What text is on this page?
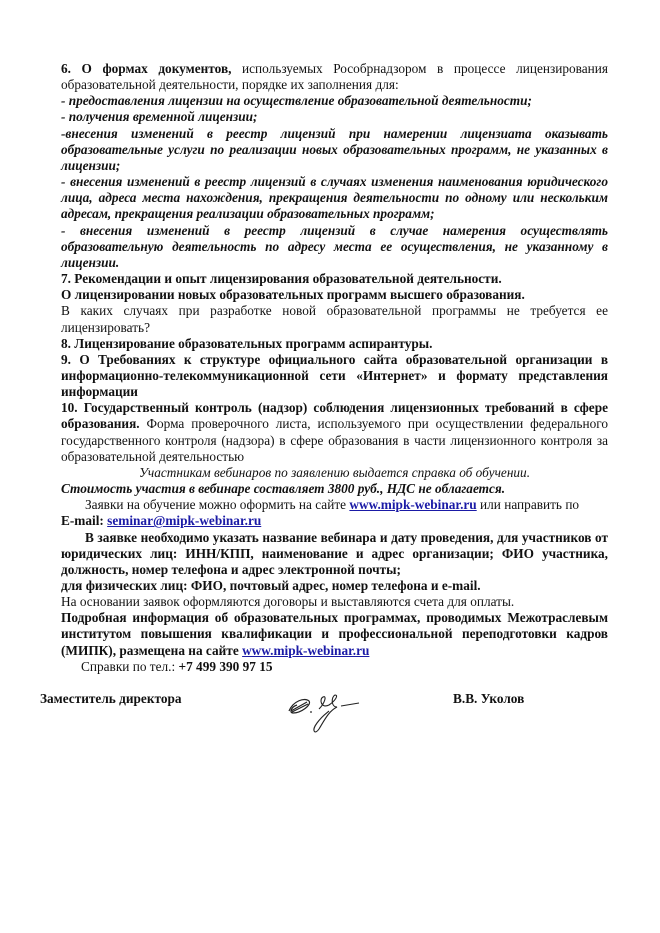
6. О формах документов, используемых Рособрнадзором в процессе лицензирования образовательной деятельности, порядке их заполнения для:

- предоставления лицензии на осуществление образовательной деятельности;

- получения временной лицензии;

-внесения изменений в реестр лицензий при намерении лицензиата оказывать образовательные услуги по реализации новых образовательных программ, не указанных в лицензии;

- внесения изменений в реестр лицензий в случаях изменения наименования юридического лица, адреса места нахождения, прекращения деятельности по одному или нескольким адресам, прекращения реализации образовательных программ;

- внесения изменений в реестр лицензий в случае намерения осуществлять образовательную деятельность по адресу места ее осуществления, не указанному в лицензии.

7. Рекомендации и опыт лицензирования образовательной деятельности.

О лицензировании новых образовательных программ высшего образования.

В каких случаях при разработке новой образовательной программы не требуется ее лицензировать?

8. Лицензирование образовательных программ аспирантуры.

9. О Требованиях к структуре официального сайта образовательной организации в информационно-телекоммуникационной сети «Интернет» и формату представления информации

10. Государственный контроль (надзор) соблюдения лицензионных требований в сфере образования. Форма проверочного листа, используемого при осуществлении федерального государственного контроля (надзора) в сфере образования в части лицензионного контроля за образовательной деятельностью

Участникам вебинаров по заявлению выдается справка об обучении.

Стоимость участия в вебинаре составляет 3800 руб., НДС не облагается.

Заявки на обучение можно оформить на сайте www.mipk-webinar.ru или направить по

E-mail: seminar@mipk-webinar.ru

В заявке необходимо указать название вебинара и дату проведения, для участников от юридических лиц: ИНН/КПП, наименование и адрес организации; ФИО участника, должность, номер телефона и адрес электронной почты;

для физических лиц: ФИО, почтовый адрес, номер телефона и e-mail.

На основании заявок оформляются договоры и выставляются счета для оплаты.

Подробная информация об образовательных программах, проводимых Межотраслевым институтом повышения квалификации и профессиональной переподготовки кадров (МИПК), размещена на сайте www.mipk-webinar.ru

Справки по тел.: +7 499 390 97 15

Заместитель директора	В.В. Уколов
